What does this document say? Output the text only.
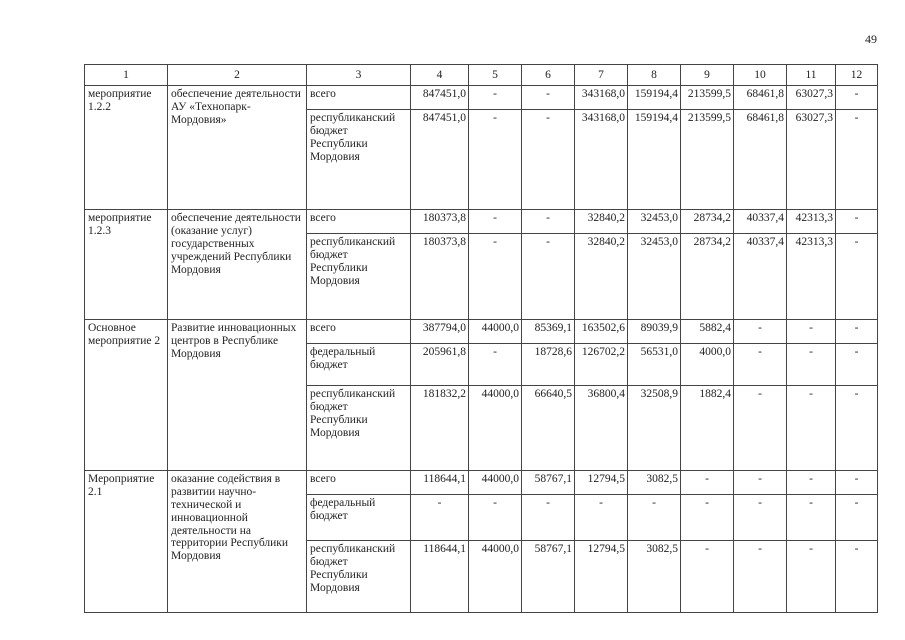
49
1	2	3	4	5	6	7	8	9	10	11	12
мероприятие 1.2.2	обеспечение деятельности АУ «Технопарк-Мордовия»	всего	847451,0	-	-	343168,0	159194,4	213599,5	68461,8	63027,3	-
		республиканский бюджет Республики Мордовия	847451,0	-	-	343168,0	159194,4	213599,5	68461,8	63027,3	-
мероприятие 1.2.3	обеспечение деятельности (оказание услуг) государственных учреждений Республики Мордовия	всего	180373,8	-	-	32840,2	32453,0	28734,2	40337,4	42313,3	-
		республиканский бюджет Республики Мордовия	180373,8	-	-	32840,2	32453,0	28734,2	40337,4	42313,3	-
Основное мероприятие 2	Развитие инновационных центров в Республике Мордовия	всего	387794,0	44000,0	85369,1	163502,6	89039,9	5882,4	-	-	-
		федеральный бюджет	205961,8	-	18728,6	126702,2	56531,0	4000,0	-	-	-
		республиканский бюджет Республики Мордовия	181832,2	44000,0	66640,5	36800,4	32508,9	1882,4	-	-	-
Мероприятие 2.1	оказание содействия в развитии научно-технической и инновационной деятельности на территории Республики Мордовия	всего	118644,1	44000,0	58767,1	12794,5	3082,5	-	-	-	-
		федеральный бюджет	-	-	-	-	-	-	-	-	-
		республиканский бюджет Республики Мордовия	118644,1	44000,0	58767,1	12794,5	3082,5	-	-	-	-
